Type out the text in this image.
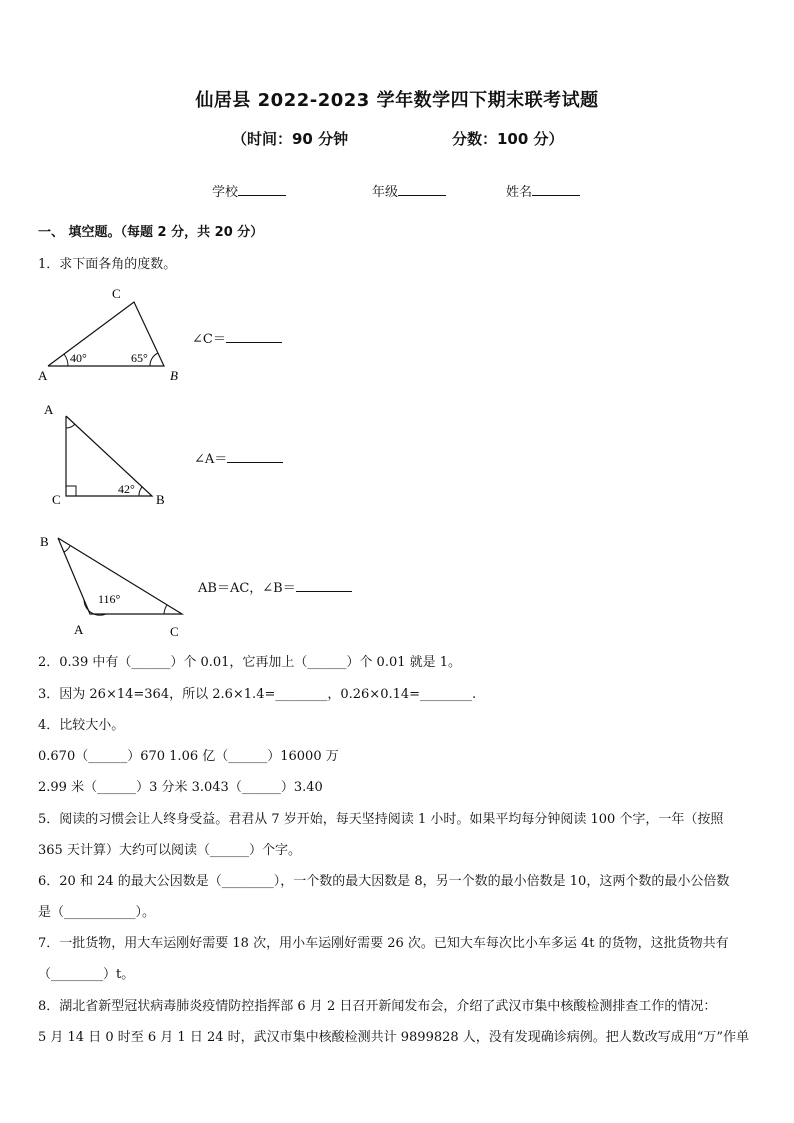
仙居县 2022-2023 学年数学四下期末联考试题
（时间：90 分钟	分数：100 分）
学校	年级	姓名
一、 填空题。（每题 2 分，共 20 分）
1．求下面各角的度数。
C
A	B
40°	65°
∠C＝
A
C	B
42°
∠A＝
B
A	C
116°
AB＝AC，∠B＝
2．0.39 中有（______）个 0.01，它再加上（______）个 0.01 就是 1。
3．因为 26×14=364，所以 2.6×1.4=________，0.26×0.14=________.
4．比较大小。
0.670（______）670 1.06 亿（______）16000 万
2.99 米（______）3 分米 3.043（______）3.40
5．阅读的习惯会让人终身受益。君君从 7 岁开始，每天坚持阅读 1 小时。如果平均每分钟阅读 100 个字，一年（按照
365 天计算）大约可以阅读（______）个字。
6．20 和 24 的最大公因数是（________），一个数的最大因数是 8，另一个数的最小倍数是 10，这两个数的最小公倍数
是（___________）。
7．一批货物，用大车运刚好需要 18 次，用小车运刚好需要 26 次。已知大车每次比小车多运 4t 的货物，这批货物共有
（________）t。
8．湖北省新型冠状病毒肺炎疫情防控指挥部 6 月 2 日召开新闻发布会，介绍了武汉市集中核酸检测排查工作的情况：
5 月 14 日 0 时至 6 月 1 日 24 时，武汉市集中核酸检测共计 9899828 人，没有发现确诊病例。把人数改写成用“万”作单
